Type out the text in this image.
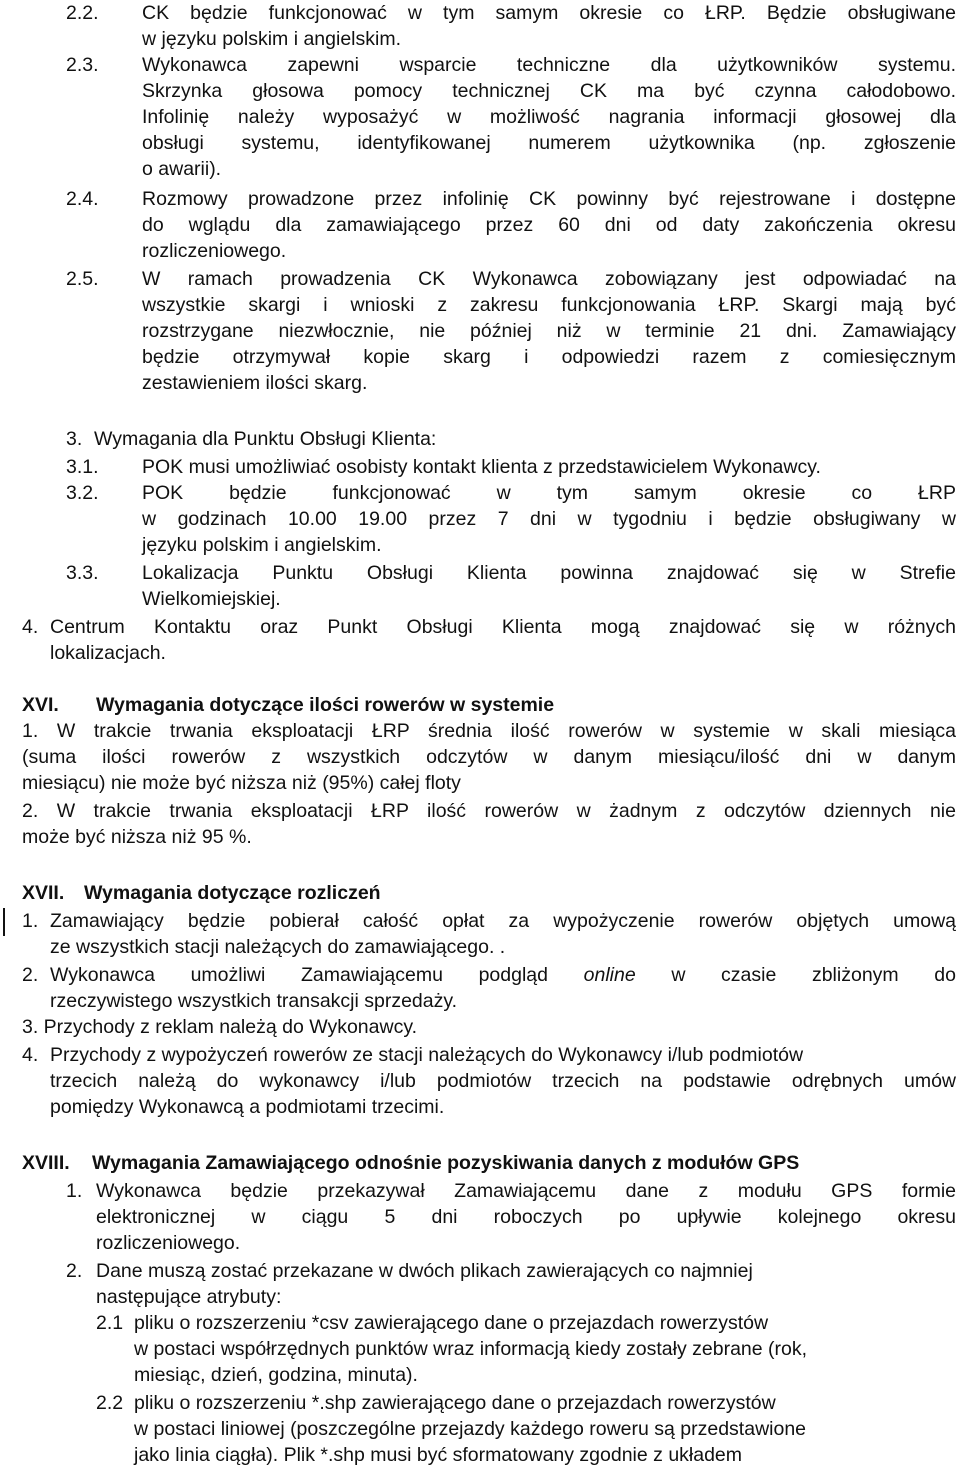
2.2. CK będzie funkcjonować w tym samym okresie co ŁRP. Będzie obsługiwane
w języku polskim i angielskim.
2.3. Wykonawca zapewni wsparcie techniczne dla użytkowników systemu.
Skrzynka głosowa pomocy technicznej CK ma być czynna całodobowo.
Infolinię należy wyposażyć w możliwość nagrania informacji głosowej dla
obsługi systemu, identyfikowanej numerem użytkownika (np. zgłoszenie
o awarii).
2.4. Rozmowy prowadzone przez infolinię CK powinny być rejestrowane i dostępne
do wglądu dla zamawiającego przez 60 dni od daty zakończenia okresu
rozliczeniowego.
2.5. W ramach prowadzenia CK Wykonawca zobowiązany jest odpowiadać na
wszystkie skargi i wnioski z zakresu funkcjonowania ŁRP. Skargi mają być
rozstrzygane niezwłocznie, nie później niż w terminie 21 dni. Zamawiający
będzie otrzymywał kopie skarg i odpowiedzi razem z comiesięcznym
zestawieniem ilości skarg.
3. Wymagania dla Punktu Obsługi Klienta:
3.1. POK musi umożliwiać osobisty kontakt klienta z przedstawicielem Wykonawcy.
3.2. POK będzie funkcjonować w tym samym okresie co ŁRP
w godzinach 10.00 19.00 przez 7 dni w tygodniu i będzie obsługiwany w
języku polskim i angielskim.
3.3. Lokalizacja Punktu Obsługi Klienta powinna znajdować się w Strefie
Wielkomiejskiej.
4. Centrum Kontaktu oraz Punkt Obsługi Klienta mogą znajdować się w różnych
lokalizacjach.
XVI. Wymagania dotyczące ilości rowerów w systemie
1. W trakcie trwania eksploatacji ŁRP średnia ilość rowerów w systemie w skali miesiąca
(suma ilości rowerów z wszystkich odczytów w danym miesiącu/ilość dni w danym
miesiącu) nie może być niższa niż (95%) całej floty
2. W trakcie trwania eksploatacji ŁRP ilość rowerów w żadnym z odczytów dziennych nie
może być niższa niż 95 %.
XVII. Wymagania dotyczące rozliczeń
1. Zamawiający będzie pobierał całość opłat za wypożyczenie rowerów objętych umową
ze wszystkich stacji należących do zamawiającego. .
2. Wykonawca umożliwi Zamawiającemu podgląd online w czasie zbliżonym do
rzeczywistego wszystkich transakcji sprzedaży.
3. Przychody z reklam należą do Wykonawcy.
4. Przychody z wypożyczeń rowerów ze stacji należących do Wykonawcy i/lub podmiotów
trzecich należą do wykonawcy i/lub podmiotów trzecich na podstawie odrębnych umów
pomiędzy Wykonawcą a podmiotami trzecimi.
XVIII. Wymagania Zamawiającego odnośnie pozyskiwania danych z modułów GPS
1. Wykonawca będzie przekazywał Zamawiającemu dane z modułu GPS formie
elektronicznej w ciągu 5 dni roboczych po upływie kolejnego okresu
rozliczeniowego.
2. Dane muszą zostać przekazane w dwóch plikach zawierających co najmniej
następujące atrybuty:
2.1 pliku o rozszerzeniu *csv zawierającego dane o przejazdach rowerzystów
w postaci współrzędnych punktów wraz informacją kiedy zostały zebrane (rok,
miesiąc, dzień, godzina, minuta).
2.2 pliku o rozszerzeniu *.shp zawierającego dane o przejazdach rowerzystów
w postaci liniowej (poszczególne przejazdy każdego roweru są przedstawione
jako linia ciągła). Plik *.shp musi być sformatowany zgodnie z układem
